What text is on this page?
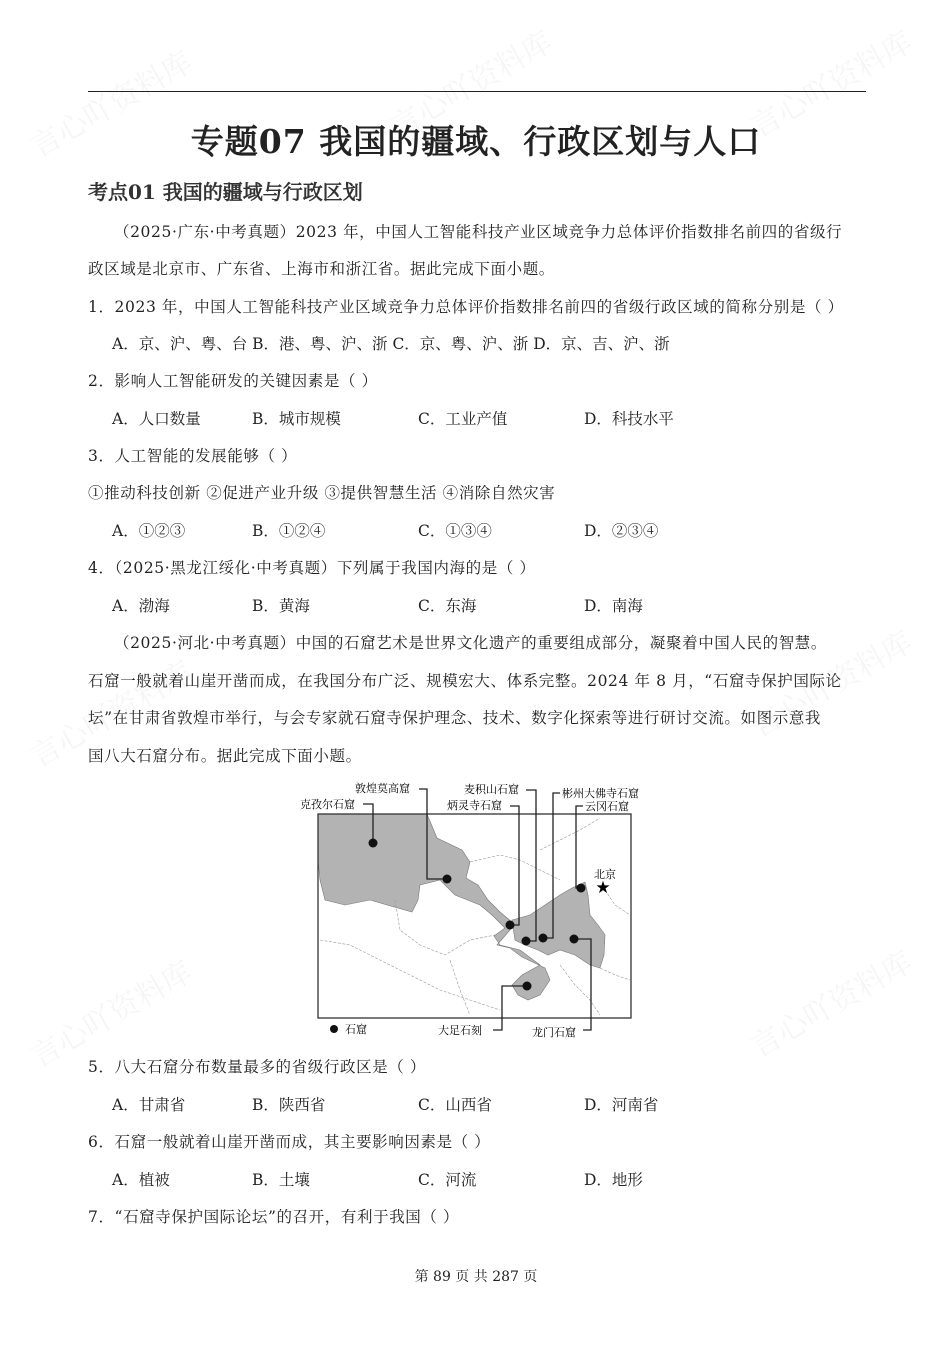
专题07 我国的疆域、行政区划与人口
考点01 我国的疆域与行政区划
（2025·广东·中考真题）2023 年，中国人工智能科技产业区域竞争力总体评价指数排名前四的省级行
政区域是北京市、广东省、上海市和浙江省。据此完成下面小题。
1．2023 年，中国人工智能科技产业区域竞争力总体评价指数排名前四的省级行政区域的简称分别是（ ）
A．京、沪、粤、台 B．港、粤、沪、浙 C．京、粤、沪、浙 D．京、吉、沪、浙
2．影响人工智能研发的关键因素是（ ）
A．人口数量	B．城市规模	C．工业产值	D．科技水平
3．人工智能的发展能够（ ）
①推动科技创新 ②促进产业升级 ③提供智慧生活 ④消除自然灾害
A．①②③	B．①②④	C．①③④	D．②③④
4．（2025·黑龙江绥化·中考真题）下列属于我国内海的是（ ）
A．渤海	B．黄海	C．东海	D．南海
（2025·河北·中考真题）中国的石窟艺术是世界文化遗产的重要组成部分，凝聚着中国人民的智慧。
石窟一般就着山崖开凿而成，在我国分布广泛、规模宏大、体系完整。2024 年 8 月，“石窟寺保护国际论
坛”在甘肃省敦煌市举行，与会专家就石窟寺保护理念、技术、数字化探索等进行研讨交流。如图示意我
国八大石窟分布。据此完成下面小题。
★
北京
克孜尔石窟
敦煌莫高窟
炳灵寺石窟
麦积山石窟	彬州大佛寺石窟
云冈石窟
大足石刻	龙门石窟
石窟
5．八大石窟分布数量最多的省级行政区是（ ）
A．甘肃省	B．陕西省	C．山西省	D．河南省
6．石窟一般就着山崖开凿而成，其主要影响因素是（ ）
A．植被	B．土壤	C．河流	D．地形
7．“石窟寺保护国际论坛”的召开，有利于我国（ ）
第 89 页 共 287 页
